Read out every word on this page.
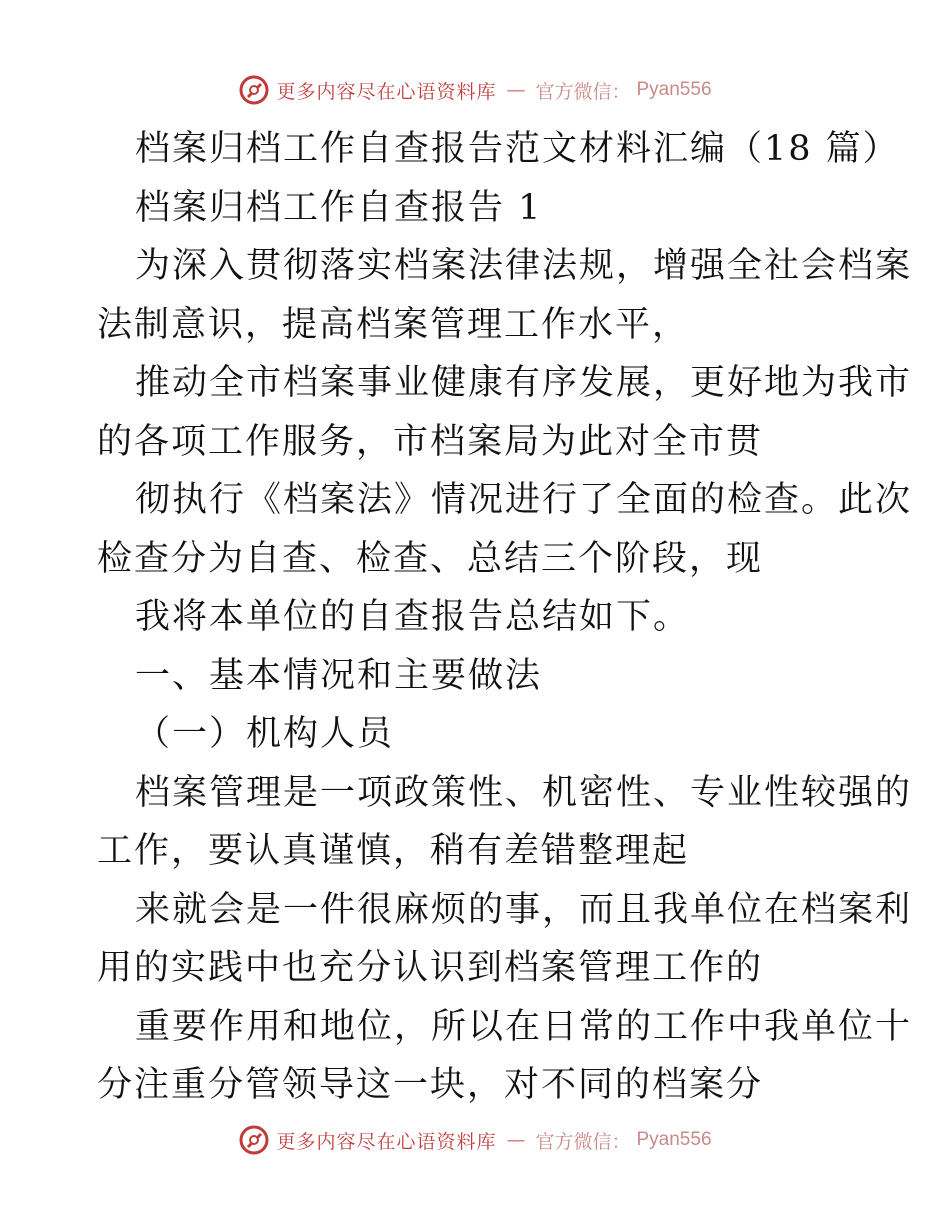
更多内容尽在心语资料库 — 官方微信： Pyan556
档案归档工作自查报告范文材料汇编（18 篇）
档案归档工作自查报告 1
为深入贯彻落实档案法律法规，增强全社会档案
法制意识，提高档案管理工作水平，
推动全市档案事业健康有序发展，更好地为我市
的各项工作服务，市档案局为此对全市贯
彻执行《档案法》情况进行了全面的检查。此次
检查分为自查、检查、总结三个阶段，现
我将本单位的自查报告总结如下。
一、基本情况和主要做法
（一）机构人员
档案管理是一项政策性、机密性、专业性较强的
工作，要认真谨慎，稍有差错整理起
来就会是一件很麻烦的事，而且我单位在档案利
用的实践中也充分认识到档案管理工作的
重要作用和地位，所以在日常的工作中我单位十
分注重分管领导这一块，对不同的档案分
更多内容尽在心语资料库 — 官方微信： Pyan556
